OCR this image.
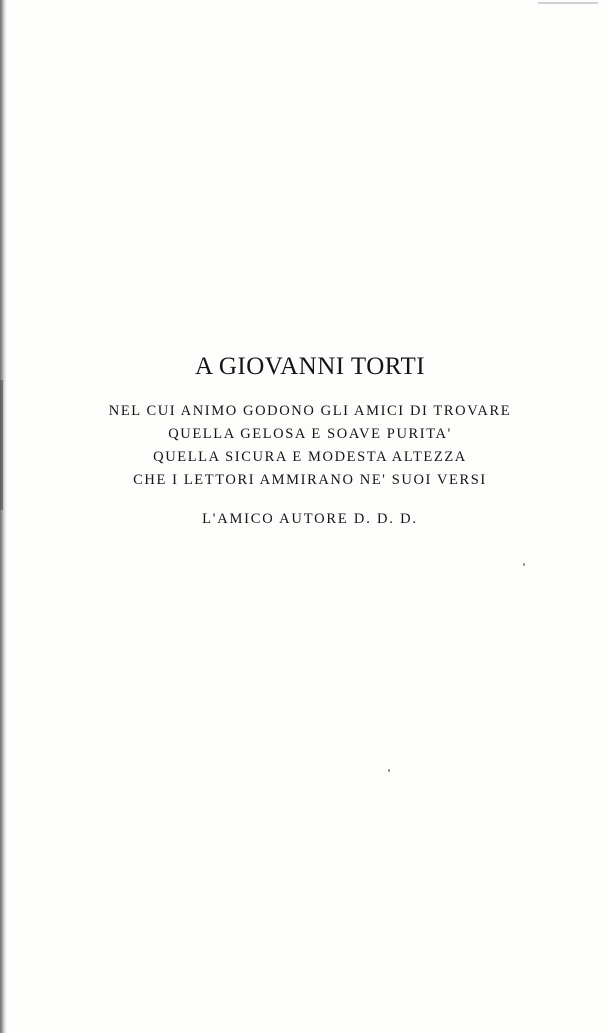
A GIOVANNI TORTI

NEL CUI ANIMO GODONO GLI AMICI DI TROVARE

QUELLA GELOSA E SOAVE PURITA'

QUELLA SICURA E MODESTA ALTEZZA

CHE I LETTORI AMMIRANO NE' SUOI VERSI

L'AMICO AUTORE D. D. D.
